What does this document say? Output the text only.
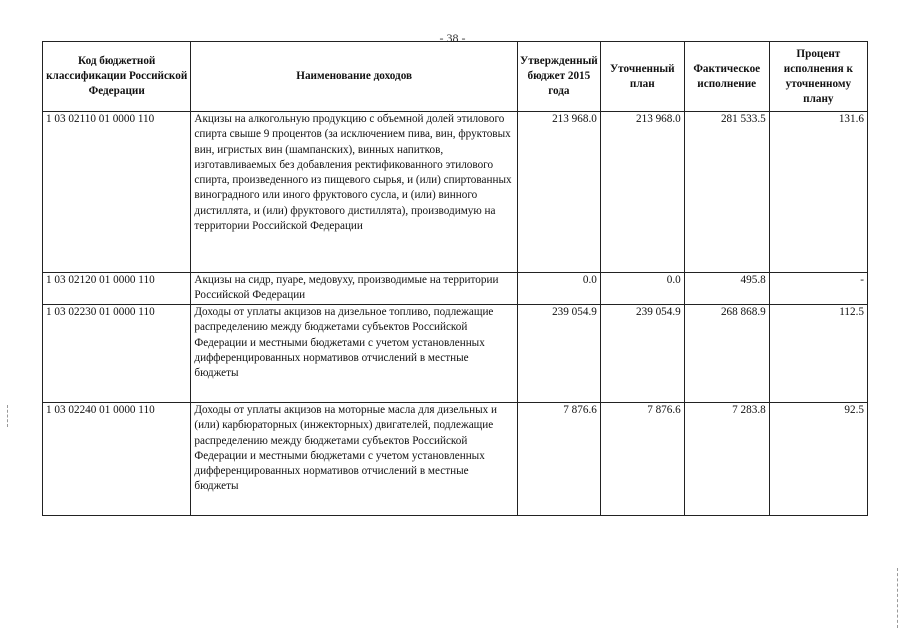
- 38 -
Код бюджетной классификации Российской Федерации	Наименование доходов	Утвержденный бюджет 2015 года	Уточненный план	Фактическое исполнение	Процент исполнения к уточненному плану
1 03 02110 01 0000 110	Акцизы на алкогольную продукцию с объемной долей этилового спирта свыше 9 процентов (за исключением пива, вин, фруктовых вин, игристых вин (шампанских), винных напитков, изготавливаемых без добавления ректификованного этилового спирта, произведенного из пищевого сырья, и (или) спиртованных виноградного или иного фруктового сусла, и (или) винного дистиллята, и (или) фруктового дистиллята), производимую на территории Российской Федерации	213 968.0	213 968.0	281 533.5	131.6
1 03 02120 01 0000 110	Акцизы на сидр, пуаре, медовуху, производимые на территории Российской Федерации	0.0	0.0	495.8	-
1 03 02230 01 0000 110	Доходы от уплаты акцизов на дизельное топливо, подлежащие распределению между бюджетами субъектов Российской Федерации и местными бюджетами с учетом установленных дифференцированных нормативов отчислений в местные бюджеты	239 054.9	239 054.9	268 868.9	112.5
1 03 02240 01 0000 110	Доходы от уплаты акцизов на моторные масла для дизельных и (или) карбюраторных (инжекторных) двигателей, подлежащие распределению между бюджетами субъектов Российской Федерации и местными бюджетами с учетом установленных дифференцированных нормативов отчислений в местные бюджеты	7 876.6	7 876.6	7 283.8	92.5
